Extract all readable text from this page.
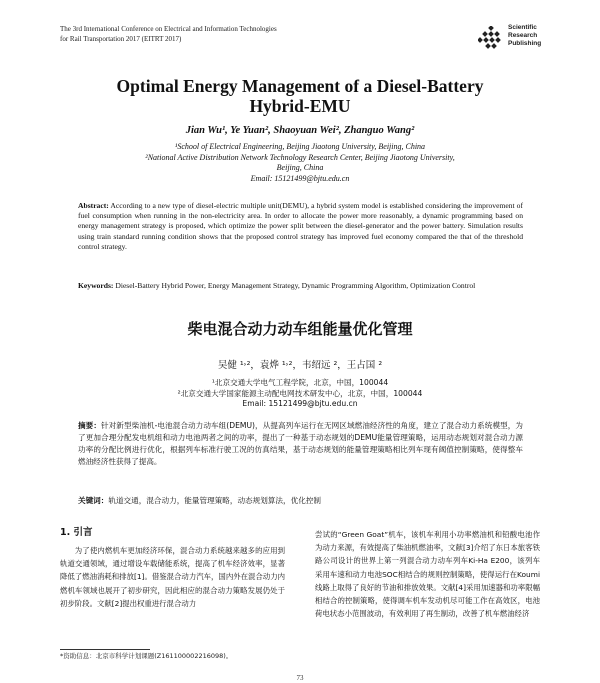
The 3rd International Conference on Electrical and Information Technologies
for Rail Transportation 2017 (EITRT 2017)
Scientific
Research
Publishing
Optimal Energy Management of a Diesel-Battery
Hybrid-EMU
Jian Wu¹, Ye Yuan², Shaoyuan Wei², Zhanguo Wang²
¹School of Electrical Engineering, Beijing Jiaotong University, Beijing, China
²National Active Distribution Network Technology Research Center, Beijing Jiaotong University,
Beijing, China
Email: 15121499@bjtu.edu.cn
Abstract: According to a new type of diesel-electric multiple unit(DEMU), a hybrid system model is established considering the improvement of fuel consumption when running in the non-electricity area. In order to allocate the power more reasonably, a dynamic programming based on energy management strategy is proposed, which optimize the power split between the diesel-generator and the power battery. Simulation results using train standard running condition shows that the proposed control strategy has improved fuel economy compared the that of the threshold control strategy.
Keywords: Diesel-Battery Hybrid Power, Energy Management Strategy, Dynamic Programming Algorithm, Optimization Control
柴电混合动力动车组能量优化管理
吴健 ¹˒²，袁烨 ¹˒²，韦绍远 ²，王占国 ²
¹北京交通大学电气工程学院，北京，中国，100044
²北京交通大学国家能源主动配电网技术研发中心，北京，中国，100044
Email: 15121499@bjtu.edu.cn
摘要：针对新型柴油机-电池混合动力动车组(DEMU)，从提高列车运行在无网区域燃油经济性的角度，建立了混合动力系统模型，为了更加合理分配发电机组和动力电池两者之间的功率，提出了一种基于动态规划的DEMU能量管理策略，运用动态规划对混合动力源功率的分配比例进行优化，根据列车标准行驶工况的仿真结果，基于动态规划的能量管理策略相比列车现有阈值控制策略，使得整车燃油经济性获得了提高。
关键词：轨道交通，混合动力，能量管理策略，动态规划算法，优化控制
1. 引言
为了使内燃机车更加经济环保，混合动力系统越来越多的应用到轨道交通领域，通过增设车载储能系统，提高了机车经济效率，显著降低了燃油消耗和排放[1]。借鉴混合动力汽车，国内外在混合动力内燃机车领域也展开了初步研究，因此相应的混合动力策略发展仍处于初步阶段。文献[2]提出权重进行混合动力
尝试的“Green Goat”机车，该机车利用小功率燃油机和铅酸电池作为动力来源，有效提高了柴油机燃油率，文献[3]介绍了东日本旅客铁路公司设计的世界上第一列混合动力动车列车Ki-Ha E200，该列车采用车速和动力电池SOC相结合的规则控制策略，使得运行在Koumi线路上取得了良好的节油和排放效果。文献[4]采用加速器和功率限幅相结合的控制策略，使得调车机车发动机尽可能工作在高效区，电池荷电状态小范围波动，有效利用了再生制动，改善了机车燃油经济
*资助信息：北京市科学计划课题(Z161100002216098)。
73
